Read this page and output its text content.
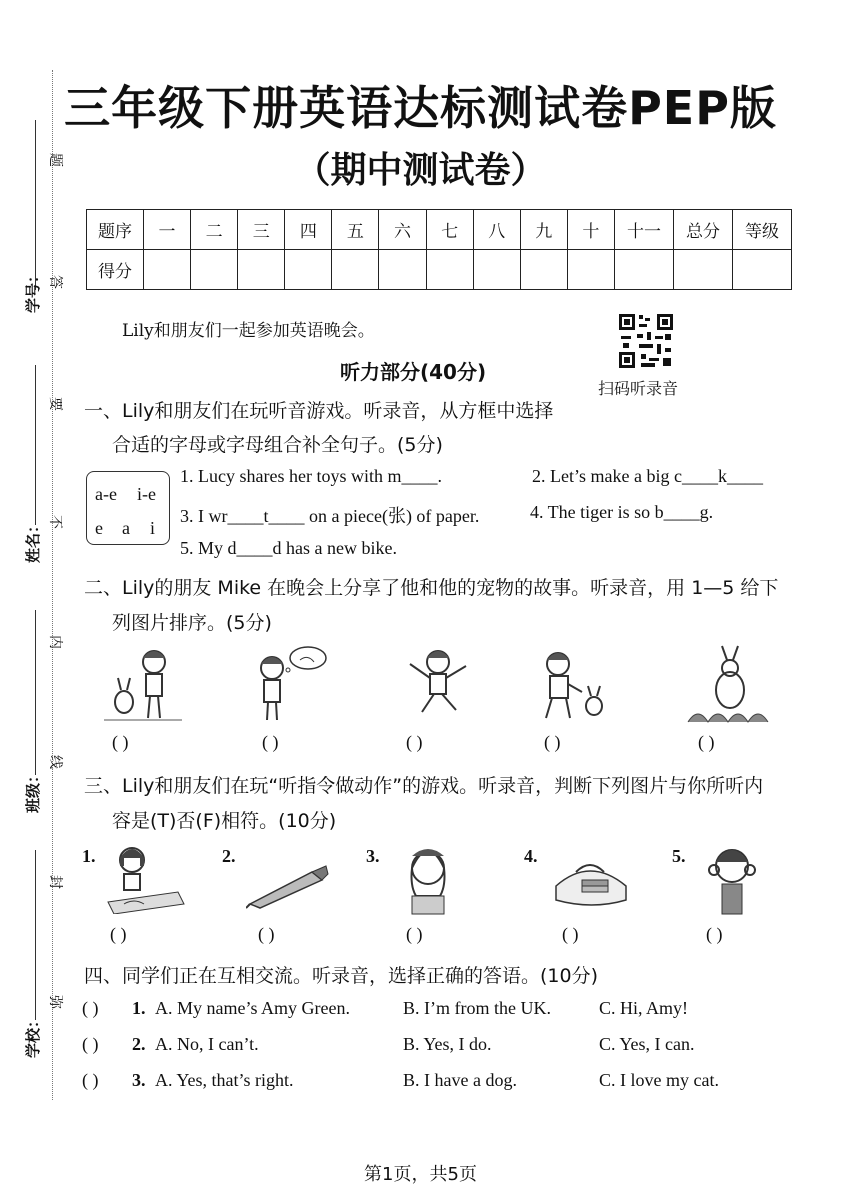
题
答
要
不
内
线
封
弥
学号：
姓名：
班级：
学校：
三年级下册英语达标测试卷PEP版
（期中测试卷）
题序	一	二	三	四	五	六	七	八	九	十	十一	总分	等级
得分													
Lily和朋友们一起参加英语晚会。
扫码听录音
听力部分(40分)
一、Lily和朋友们在玩听音游戏。听录音，从方框中选择
合适的字母或字母组合补全句子。(5分)
a-e i-e
e a i
1. Lucy shares her toys with m____.	2. Let’s make a big c____k____
3. I wr____t____ on a piece(张) of paper.	4. The tiger is so b____g.
5. My d____d has a new bike.
二、Lily的朋友 Mike 在晚会上分享了他和他的宠物的故事。听录音，用 1—5 给下
列图片排序。(5分)
( )	( )	( )	( )	( )
三、Lily和朋友们在玩“听指令做动作”的游戏。听录音，判断下列图片与你所听内
容是(T)否(F)相符。(10分)
1.	2.	3.	4.	5.
( )	( )	( )	( )	( )
四、同学们正在互相交流。听录音，选择正确的答语。(10分)
( ) 1. A. My name’s Amy Green.	B. I’m from the UK.	C. Hi, Amy!
( ) 2. A. No, I can’t.	B. Yes, I do.	C. Yes, I can.
( ) 3. A. Yes, that’s right.	B. I have a dog.	C. I love my cat.
第1页，共5页
